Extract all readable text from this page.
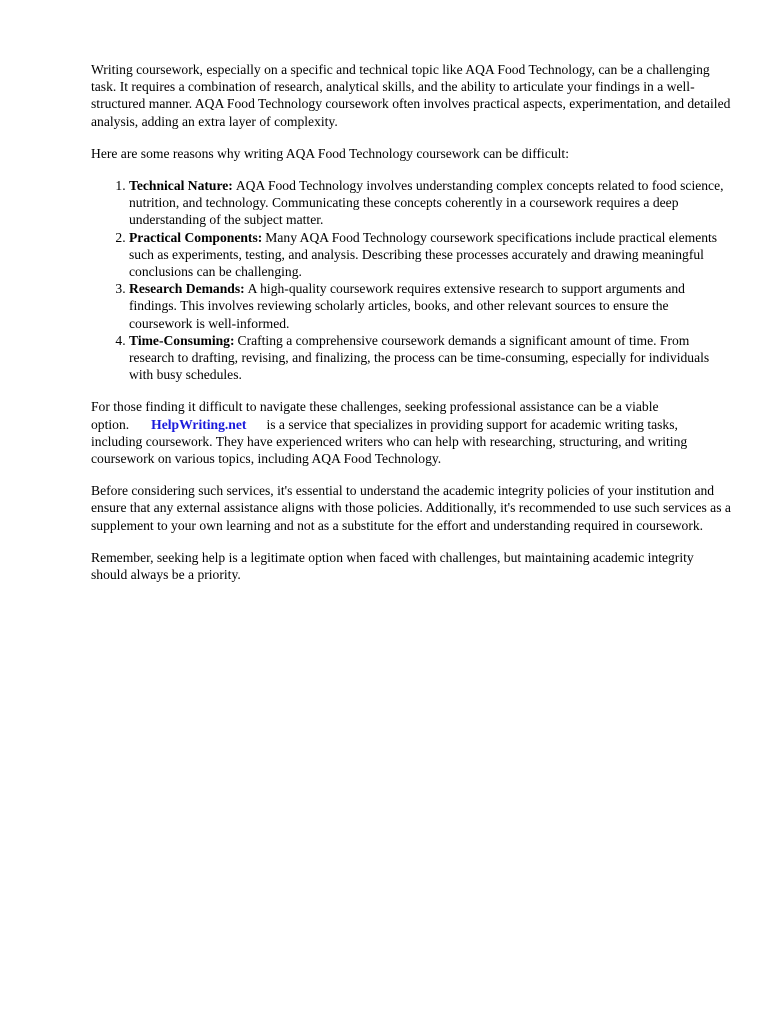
Writing coursework, especially on a specific and technical topic like AQA Food Technology, can be a challenging task. It requires a combination of research, analytical skills, and the ability to articulate your findings in a well-structured manner. AQA Food Technology coursework often involves practical aspects, experimentation, and detailed analysis, adding an extra layer of complexity.

Here are some reasons why writing AQA Food Technology coursework can be difficult:

1. Technical Nature: AQA Food Technology involves understanding complex concepts related to food science, nutrition, and technology. Communicating these concepts coherently in a coursework requires a deep understanding of the subject matter.
2. Practical Components: Many AQA Food Technology coursework specifications include practical elements such as experiments, testing, and analysis. Describing these processes accurately and drawing meaningful conclusions can be challenging.
3. Research Demands: A high-quality coursework requires extensive research to support arguments and findings. This involves reviewing scholarly articles, books, and other relevant sources to ensure the coursework is well-informed.
4. Time-Consuming: Crafting a comprehensive coursework demands a significant amount of time. From research to drafting, revising, and finalizing, the process can be time-consuming, especially for individuals with busy schedules.

For those finding it difficult to navigate these challenges, seeking professional assistance can be a viable option. HelpWriting.net is a service that specializes in providing support for academic writing tasks, including coursework. They have experienced writers who can help with researching, structuring, and writing coursework on various topics, including AQA Food Technology.

Before considering such services, it's essential to understand the academic integrity policies of your institution and ensure that any external assistance aligns with those policies. Additionally, it's recommended to use such services as a supplement to your own learning and not as a substitute for the effort and understanding required in coursework.

Remember, seeking help is a legitimate option when faced with challenges, but maintaining academic integrity should always be a priority.
